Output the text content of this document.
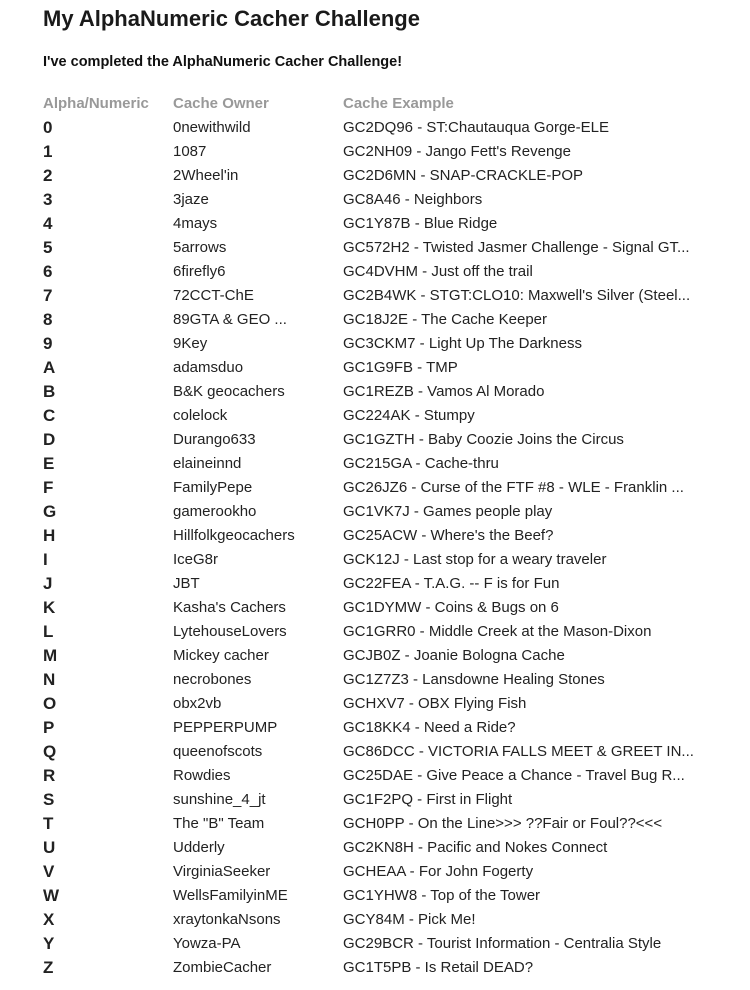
My AlphaNumeric Cacher Challenge

I've completed the AlphaNumeric Cacher Challenge!

Alpha/Numeric	Cache Owner	Cache Example
0	0newithwild	GC2DQ96 - ST:Chautauqua Gorge-ELE
1	1087	GC2NH09 - Jango Fett's Revenge
2	2Wheel'in	GC2D6MN - SNAP-CRACKLE-POP
3	3jaze	GC8A46 - Neighbors
4	4mays	GC1Y87B - Blue Ridge
5	5arrows	GC572H2 - Twisted Jasmer Challenge - Signal GT...
6	6firefly6	GC4DVHM - Just off the trail
7	72CCT-ChE	GC2B4WK - STGT:CLO10: Maxwell's Silver (Steel...
8	89GTA & GEO ...	GC18J2E - The Cache Keeper
9	9Key	GC3CKM7 - Light Up The Darkness
A	adamsduo	GC1G9FB - TMP
B	B&K geocachers	GC1REZB - Vamos Al Morado
C	colelock	GC224AK - Stumpy
D	Durango633	GC1GZTH - Baby Coozie Joins the Circus
E	elaineinnd	GC215GA - Cache-thru
F	FamilyPepe	GC26JZ6 - Curse of the FTF #8 - WLE - Franklin ...
G	gamerookho	GC1VK7J - Games people play
H	Hillfolkgeocachers	GC25ACW - Where's the Beef?
I	IceG8r	GCK12J - Last stop for a weary traveler
J	JBT	GC22FEA - T.A.G. -- F is for Fun
K	Kasha's Cachers	GC1DYMW - Coins & Bugs on 6
L	LytehouseLovers	GC1GRR0 - Middle Creek at the Mason-Dixon
M	Mickey cacher	GCJB0Z - Joanie Bologna Cache
N	necrobones	GC1Z7Z3 - Lansdowne Healing Stones
O	obx2vb	GCHXV7 - OBX Flying Fish
P	PEPPERPUMP	GC18KK4 - Need a Ride?
Q	queenofscots	GC86DCC - VICTORIA FALLS MEET & GREET IN...
R	Rowdies	GC25DAE - Give Peace a Chance - Travel Bug R...
S	sunshine_4_jt	GC1F2PQ - First in Flight
T	The "B" Team	GCH0PP - On the Line>>> ??Fair or Foul??<<<
U	Udderly	GC2KN8H - Pacific and Nokes Connect
V	VirginiaSeeker	GCHEAA - For John Fogerty
W	WellsFamilyinME	GC1YHW8 - Top of the Tower
X	xraytonkaNsons	GCY84M - Pick Me!
Y	Yowza-PA	GC29BCR - Tourist Information - Centralia Style
Z	ZombieCacher	GC1T5PB - Is Retail DEAD?
